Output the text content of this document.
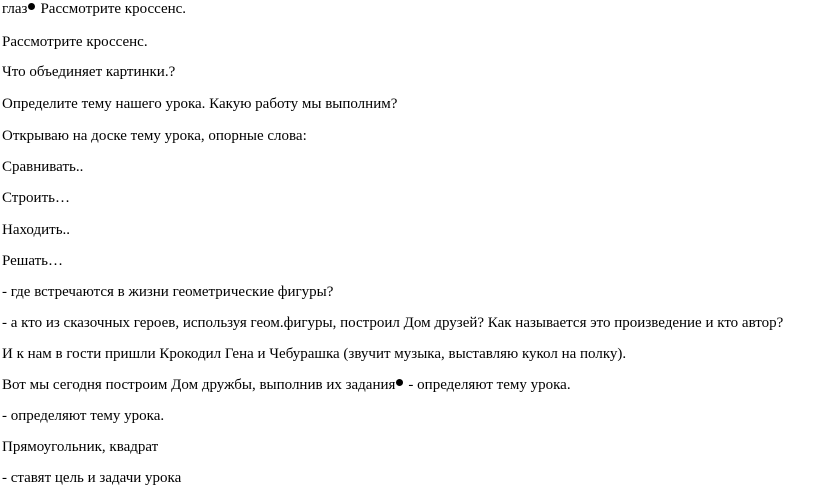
глаз Рассмотрите кроссенс.
Рассмотрите кроссенс.
Что объединяет картинки.?
Определите тему нашего урока. Какую работу мы выполним?
Открываю на доске тему урока, опорные слова:
Сравнивать..
Строить…
Находить..
Решать…
- где встречаются в жизни геометрические фигуры?
- а кто из сказочных героев, используя геом.фигуры, построил Дом друзей? Как называется это произведение и кто автор?
И к нам в гости пришли Крокодил Гена и Чебурашка (звучит музыка, выставляю кукол на полку).
Вот мы сегодня построим Дом дружбы, выполнив их задания - определяют тему урока.
- определяют тему урока.
Прямоугольник, квадрат
- ставят цель и задачи урока
